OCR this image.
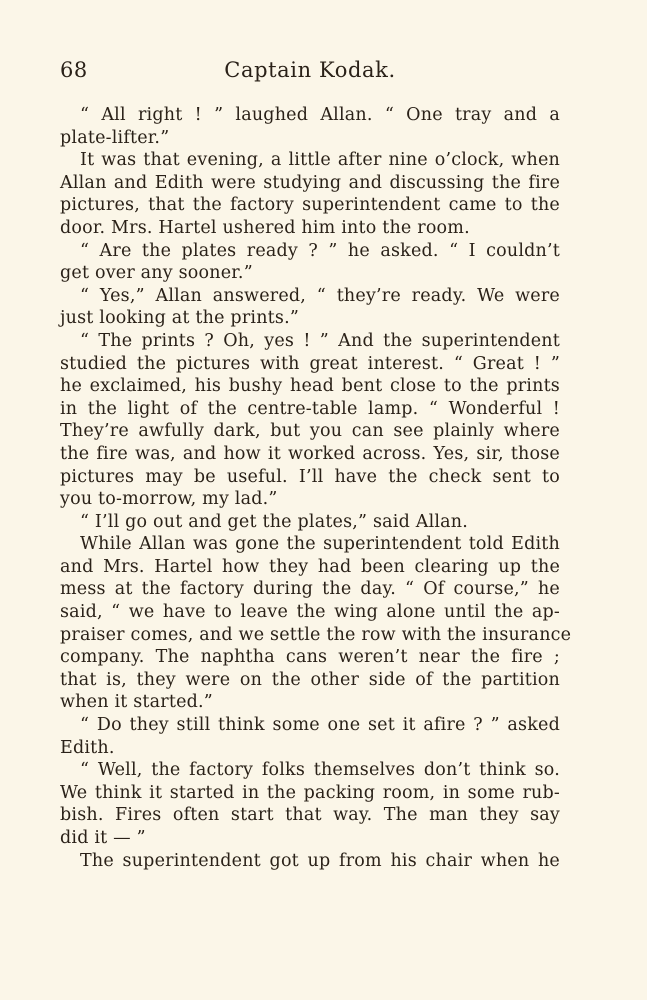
68	Captain Kodak.
“ All right ! ” laughed Allan. “ One tray and a
plate-lifter.”
It was that evening, a little after nine o’clock, when
Allan and Edith were studying and discussing the fire
pictures, that the factory superintendent came to the
door. Mrs. Hartel ushered him into the room.
“ Are the plates ready ? ” he asked. “ I couldn’t
get over any sooner.”
“ Yes,” Allan answered, “ they’re ready. We were
just looking at the prints.”
“ The prints ? Oh, yes ! ” And the superintendent
studied the pictures with great interest. “ Great ! ”
he exclaimed, his bushy head bent close to the prints
in the light of the centre-table lamp. “ Wonderful !
They’re awfully dark, but you can see plainly where
the fire was, and how it worked across. Yes, sir, those
pictures may be useful. I’ll have the check sent to
you to-morrow, my lad.”
“ I’ll go out and get the plates,” said Allan.
While Allan was gone the superintendent told Edith
and Mrs. Hartel how they had been clearing up the
mess at the factory during the day. “ Of course,” he
said, “ we have to leave the wing alone until the ap-
praiser comes, and we settle the row with the insurance
company. The naphtha cans weren’t near the fire ;
that is, they were on the other side of the partition
when it started.”
“ Do they still think some one set it afire ? ” asked
Edith.
“ Well, the factory folks themselves don’t think so.
We think it started in the packing room, in some rub-
bish. Fires often start that way. The man they say
did it — ”
The superintendent got up from his chair when he
